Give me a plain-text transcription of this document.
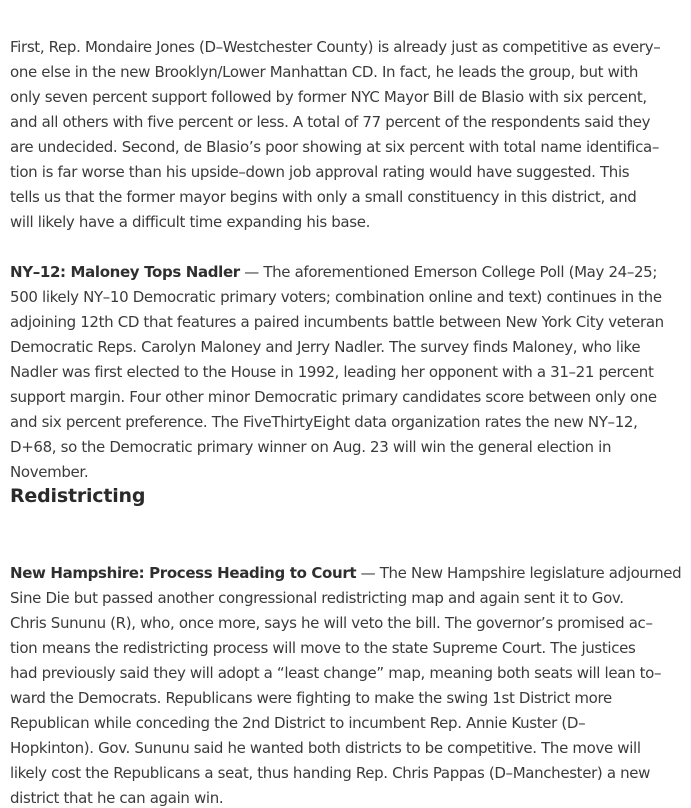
First, Rep. Mondaire Jones (D–Westchester County) is already just as competitive as every–
one else in the new Brooklyn/Lower Manhattan CD. In fact, he leads the group, but with
only seven percent support followed by former NYC Mayor Bill de Blasio with six percent,
and all others with five percent or less. A total of 77 percent of the respondents said they
are undecided. Second, de Blasio’s poor showing at six percent with total name identifica–
tion is far worse than his upside–down job approval rating would have suggested. This
tells us that the former mayor begins with only a small constituency in this district, and
will likely have a difficult time expanding his base.
NY–12: Maloney Tops Nadler — The aforementioned Emerson College Poll (May 24–25;
500 likely NY–10 Democratic primary voters; combination online and text) continues in the
adjoining 12th CD that features a paired incumbents battle between New York City veteran
Democratic Reps. Carolyn Maloney and Jerry Nadler. The survey finds Maloney, who like
Nadler was first elected to the House in 1992, leading her opponent with a 31–21 percent
support margin. Four other minor Democratic primary candidates score between only one
and six percent preference. The FiveThirtyEight data organization rates the new NY–12,
D+68, so the Democratic primary winner on Aug. 23 will win the general election in
November.
Redistricting
New Hampshire: Process Heading to Court — The New Hampshire legislature adjourned
Sine Die but passed another congressional redistricting map and again sent it to Gov.
Chris Sununu (R), who, once more, says he will veto the bill. The governor’s promised ac–
tion means the redistricting process will move to the state Supreme Court. The justices
had previously said they will adopt a “least change” map, meaning both seats will lean to–
ward the Democrats. Republicans were fighting to make the swing 1st District more
Republican while conceding the 2nd District to incumbent Rep. Annie Kuster (D–
Hopkinton). Gov. Sununu said he wanted both districts to be competitive. The move will
likely cost the Republicans a seat, thus handing Rep. Chris Pappas (D–Manchester) a new
district that he can again win.
